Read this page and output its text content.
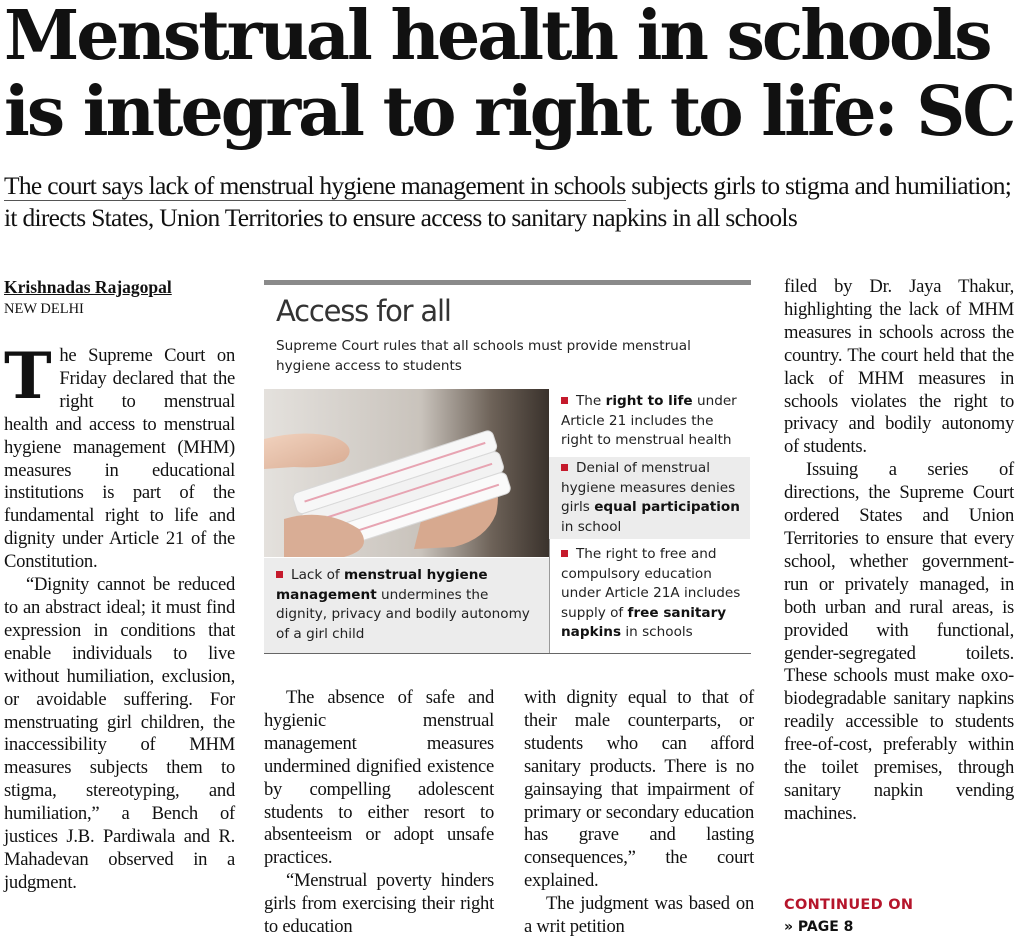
Menstrual health in schools
is integral to right to life: SC
The court says lack of menstrual hygiene management in schools subjects girls to stigma and humiliation; it directs States, Union Territories to ensure access to sanitary napkins in all schools
Krishnadas Rajagopal
NEW DELHI

The Supreme Court on Friday declared that the right to menstrual health and access to menstrual hygiene management (MHM) measures in educational institutions is part of the fundamental right to life and dignity under Article 21 of the Constitution.

“Dignity cannot be reduced to an abstract ideal; it must find expression in conditions that enable individuals to live without humiliation, exclusion, or avoidable suffering. For menstruating girl children, the inaccessibility of MHM measures subjects them to stigma, stereotyping, and humiliation,” a Bench of justices J.B. Pardiwala and R. Mahadevan observed in a judgment.

The absence of safe and hygienic menstrual management measures undermined dignified existence by compelling adolescent students to either resort to absenteeism or adopt unsafe practices.

“Menstrual poverty hinders girls from exercising their right to education

with dignity equal to that of their male counterparts, or students who can afford sanitary products. There is no gainsaying that impairment of primary or secondary education has grave and lasting consequences,” the court explained.

The judgment was based on a writ petition

filed by Dr. Jaya Thakur, highlighting the lack of MHM measures in schools across the country. The court held that the lack of MHM measures in schools violates the right to privacy and bodily autonomy of students.

Issuing a series of directions, the Supreme Court ordered States and Union Territories to ensure that every school, whether government-run or privately managed, in both urban and rural areas, is provided with functional, gender-segregated toilets. These schools must make oxo-biodegradable sanitary napkins readily accessible to students free-of-cost, preferably within the toilet premises, through sanitary napkin vending machines.

CONTINUED ON
» PAGE 8
Access for all
Supreme Court rules that all schools must provide menstrual hygiene access to students
The right to life under Article 21 includes the right to menstrual health
Denial of menstrual hygiene measures denies girls equal participation in school
The right to free and compulsory education under Article 21A includes supply of free sanitary napkins in schools
Lack of menstrual hygiene management undermines the dignity, privacy and bodily autonomy of a girl child
